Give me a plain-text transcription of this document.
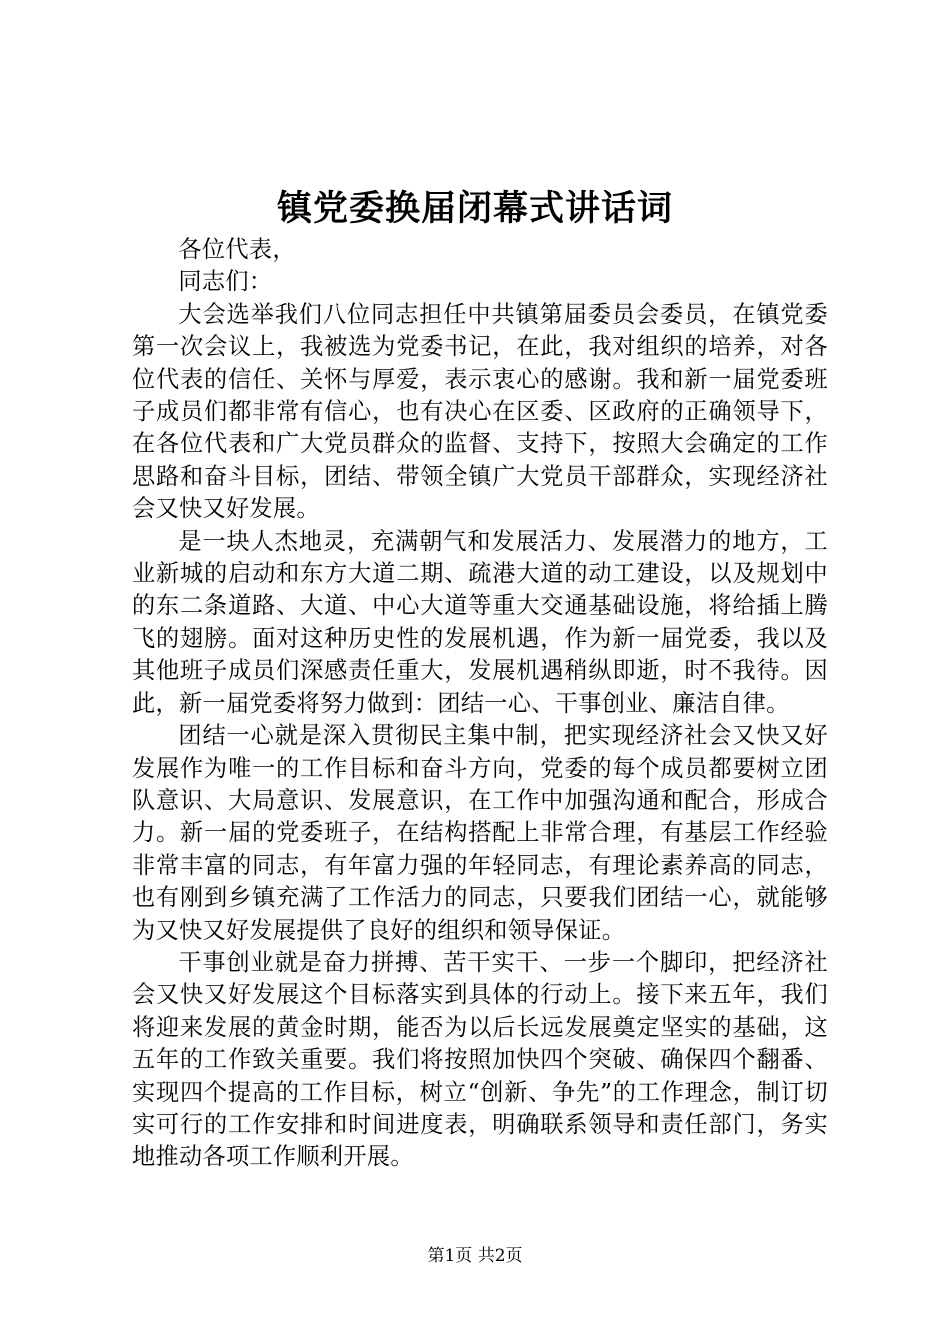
镇党委换届闭幕式讲话词

各位代表，

同志们：

大会选举我们八位同志担任中共镇第届委员会委员，在镇党委第一次会议上，我被选为党委书记，在此，我对组织的培养，对各位代表的信任、关怀与厚爱，表示衷心的感谢。我和新一届党委班子成员们都非常有信心，也有决心在区委、区政府的正确领导下，在各位代表和广大党员群众的监督、支持下，按照大会确定的工作思路和奋斗目标，团结、带领全镇广大党员干部群众，实现经济社会又快又好发展。

是一块人杰地灵，充满朝气和发展活力、发展潜力的地方，工业新城的启动和东方大道二期、疏港大道的动工建设，以及规划中的东二条道路、大道、中心大道等重大交通基础设施，将给插上腾飞的翅膀。面对这种历史性的发展机遇，作为新一届党委，我以及其他班子成员们深感责任重大，发展机遇稍纵即逝，时不我待。因此，新一届党委将努力做到：团结一心、干事创业、廉洁自律。

团结一心就是深入贯彻民主集中制，把实现经济社会又快又好发展作为唯一的工作目标和奋斗方向，党委的每个成员都要树立团队意识、大局意识、发展意识，在工作中加强沟通和配合，形成合力。新一届的党委班子，在结构搭配上非常合理，有基层工作经验非常丰富的同志，有年富力强的年轻同志，有理论素养高的同志，也有刚到乡镇充满了工作活力的同志，只要我们团结一心，就能够为又快又好发展提供了良好的组织和领导保证。

干事创业就是奋力拼搏、苦干实干、一步一个脚印，把经济社会又快又好发展这个目标落实到具体的行动上。接下来五年，我们将迎来发展的黄金时期，能否为以后长远发展奠定坚实的基础，这五年的工作致关重要。我们将按照加快四个突破、确保四个翻番、实现四个提高的工作目标，树立“创新、争先”的工作理念，制订切实可行的工作安排和时间进度表，明确联系领导和责任部门，务实地推动各项工作顺利开展。

第1页 共2页
